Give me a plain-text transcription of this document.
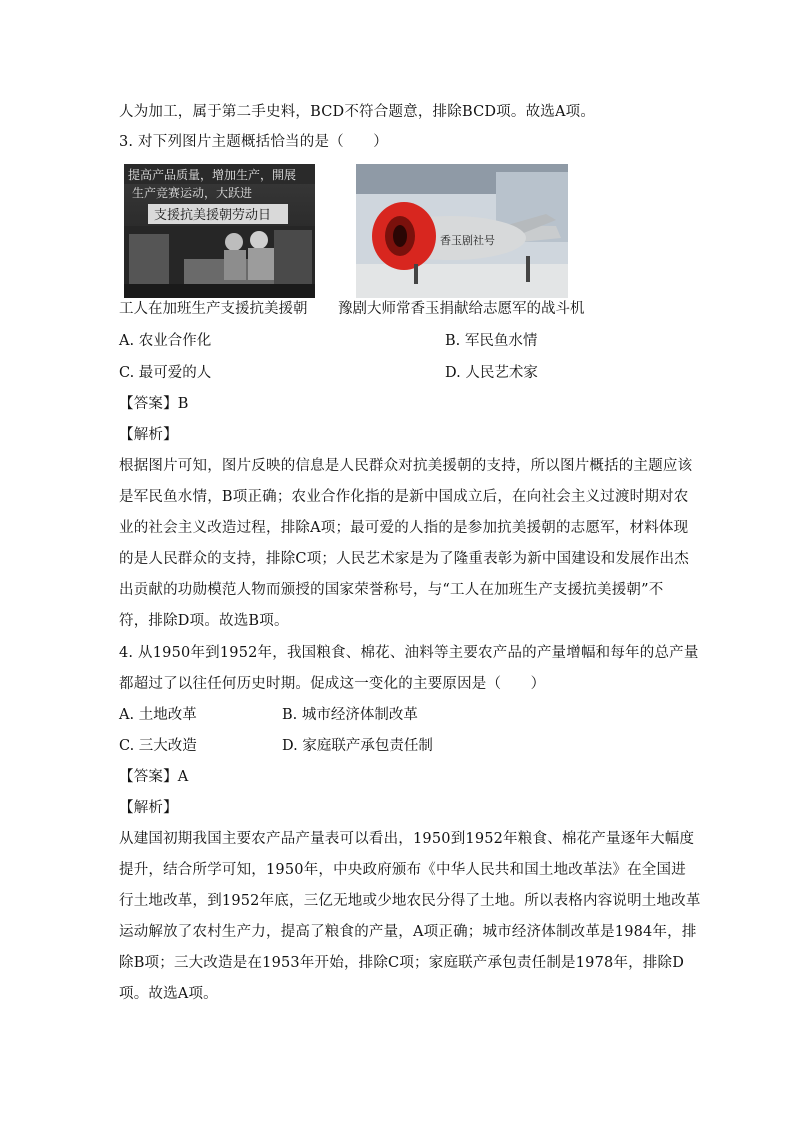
人为加工，属于第二手史料，BCD不符合题意，排除BCD项。故选A项。
3. 对下列图片主题概括恰当的是（　　）
提高产品质量，增加生产，開展
生产竞赛运动，大跃进
支援抗美援朝劳动日
工人在加班生产支援抗美援朝
香玉剧社号
豫剧大师常香玉捐献给志愿军的战斗机
A. 农业合作化	B. 军民鱼水情
C. 最可爱的人	D. 人民艺术家
【答案】B
【解析】
根据图片可知，图片反映的信息是人民群众对抗美援朝的支持，所以图片概括的主题应该
是军民鱼水情，B项正确；农业合作化指的是新中国成立后，在向社会主义过渡时期对农
业的社会主义改造过程，排除A项；最可爱的人指的是参加抗美援朝的志愿军，材料体现
的是人民群众的支持，排除C项；人民艺术家是为了隆重表彰为新中国建设和发展作出杰
出贡献的功勋模范人物而颁授的国家荣誉称号，与“工人在加班生产支援抗美援朝”不
符，排除D项。故选B项。
4. 从1950年到1952年，我国粮食、棉花、油料等主要农产品的产量增幅和每年的总产量
都超过了以往任何历史时期。促成这一变化的主要原因是（　　）
A. 土地改革	B. 城市经济体制改革
C. 三大改造	D. 家庭联产承包责任制
【答案】A
【解析】
从建国初期我国主要农产品产量表可以看出，1950到1952年粮食、棉花产量逐年大幅度
提升，结合所学可知，1950年，中央政府颁布《中华人民共和国土地改革法》在全国进
行土地改革，到1952年底，三亿无地或少地农民分得了土地。所以表格内容说明土地改革
运动解放了农村生产力，提高了粮食的产量，A项正确；城市经济体制改革是1984年，排
除B项；三大改造是在1953年开始，排除C项；家庭联产承包责任制是1978年，排除D
项。故选A项。
